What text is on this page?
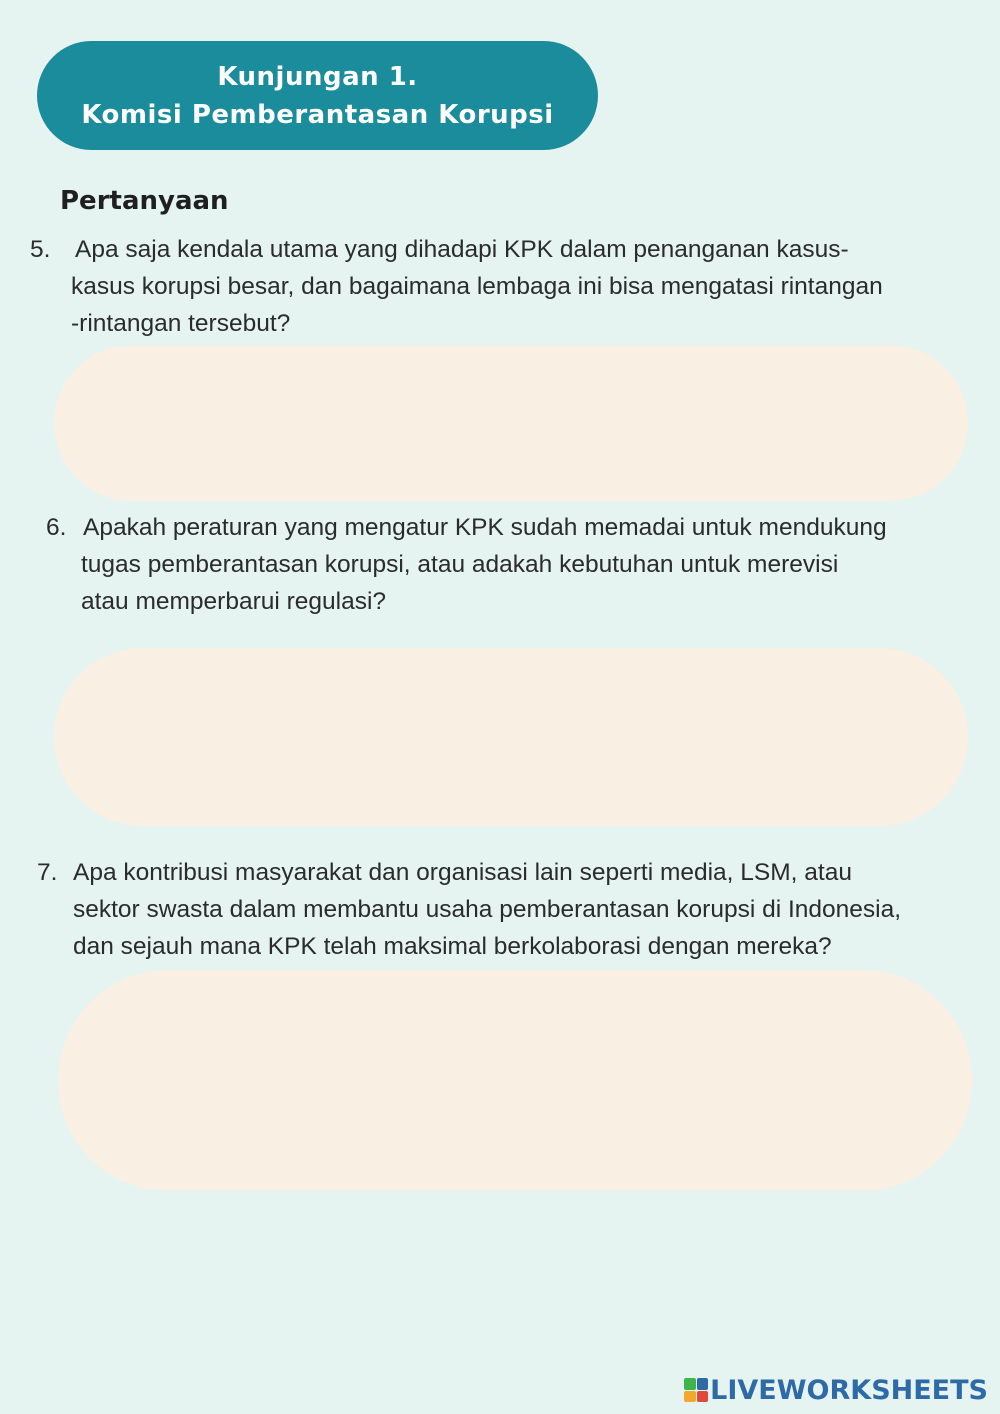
Kunjungan 1.
Komisi Pemberantasan Korupsi
Pertanyaan
5.	Apa saja kendala utama yang dihadapi KPK dalam penanganan kasus-
kasus korupsi besar, dan bagaimana lembaga ini bisa mengatasi rintangan
-rintangan tersebut?
6. Apakah peraturan yang mengatur KPK sudah memadai untuk mendukung
tugas pemberantasan korupsi, atau adakah kebutuhan untuk merevisi
atau memperbarui regulasi?
7. Apa kontribusi masyarakat dan organisasi lain seperti media, LSM, atau
sektor swasta dalam membantu usaha pemberantasan korupsi di Indonesia,
dan sejauh mana KPK telah maksimal berkolaborasi dengan mereka?
LIVEWORKSHEETS
